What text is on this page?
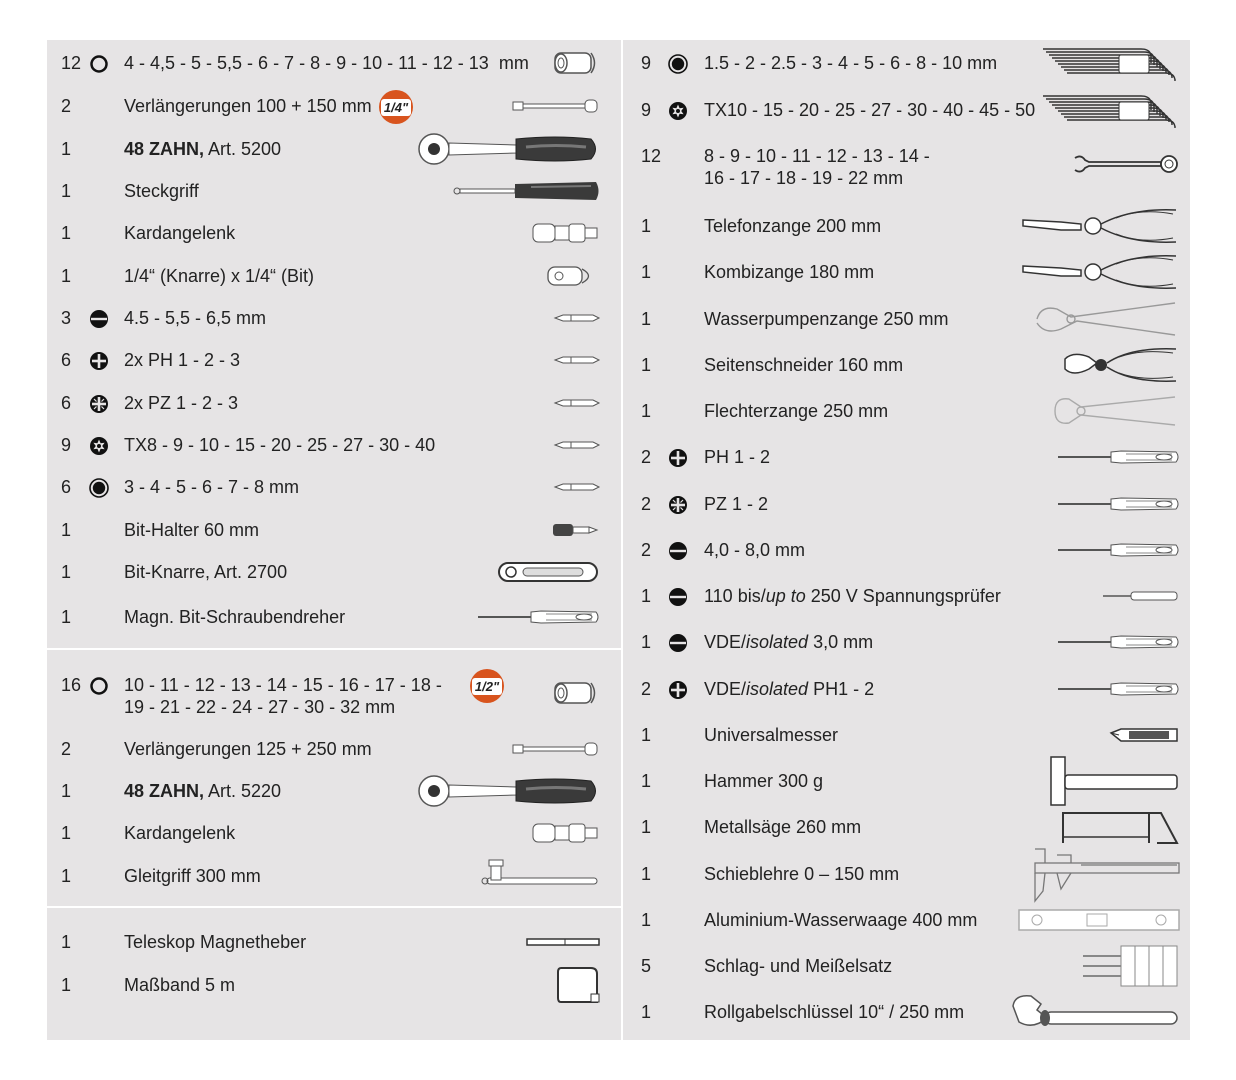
12	4 - 4,5 - 5 - 5,5 - 6 - 7 - 8 - 9 - 10 - 11 - 12 - 13  mm
2	Verlängerungen 100 + 150 mm 1/4"
1	48 ZAHN, Art. 5200
1	Steckgriff
1	Kardangelenk
1	1/4“ (Knarre) x 1/4“ (Bit)
3	4.5 - 5,5 - 6,5 mm
6	2x PH 1 - 2 - 3
6	2x PZ 1 - 2 - 3
9	TX8 - 9 - 10 - 15 - 20 - 25 - 27 - 30 - 40
6	3 - 4 - 5 - 6 - 7 - 8 mm
1	Bit-Halter 60 mm
1	Bit-Knarre, Art. 2700
1	Magn. Bit-Schraubendreher
16	10 - 11 - 12 - 13 - 14 - 15 - 16 - 17 - 18 -
19 - 21 - 22 - 24 - 27 - 30 - 32 mm
1/2"
2	Verlängerungen 125 + 250 mm
1	48 ZAHN, Art. 5220
1	Kardangelenk
1	Gleitgriff 300 mm
1	Teleskop Magnetheber
1	Maßband 5 m
9	1.5 - 2 - 2.5 - 3 - 4 - 5 - 6 - 8 - 10 mm
9	TX10 - 15 - 20 - 25 - 27 - 30 - 40 - 45 - 50
12	8 - 9 - 10 - 11 - 12 - 13 - 14 -
16 - 17 - 18 - 19 - 22 mm
1	Telefonzange 200 mm
1	Kombizange 180 mm
1	Wasserpumpenzange 250 mm
1	Seitenschneider 160 mm
1	Flechterzange 250 mm
2	PH 1 - 2
2	PZ 1 - 2
2	4,0 - 8,0 mm
1	110 bis/up to 250 V Spannungsprüfer
1	VDE/isolated 3,0 mm
2	VDE/isolated PH1 - 2
1	Universalmesser
1	Hammer 300 g
1	Metallsäge 260 mm
1	Schieblehre 0 – 150 mm
1	Aluminium-Wasserwaage 400 mm
5	Schlag- und Meißelsatz
1	Rollgabelschlüssel 10“ / 250 mm
